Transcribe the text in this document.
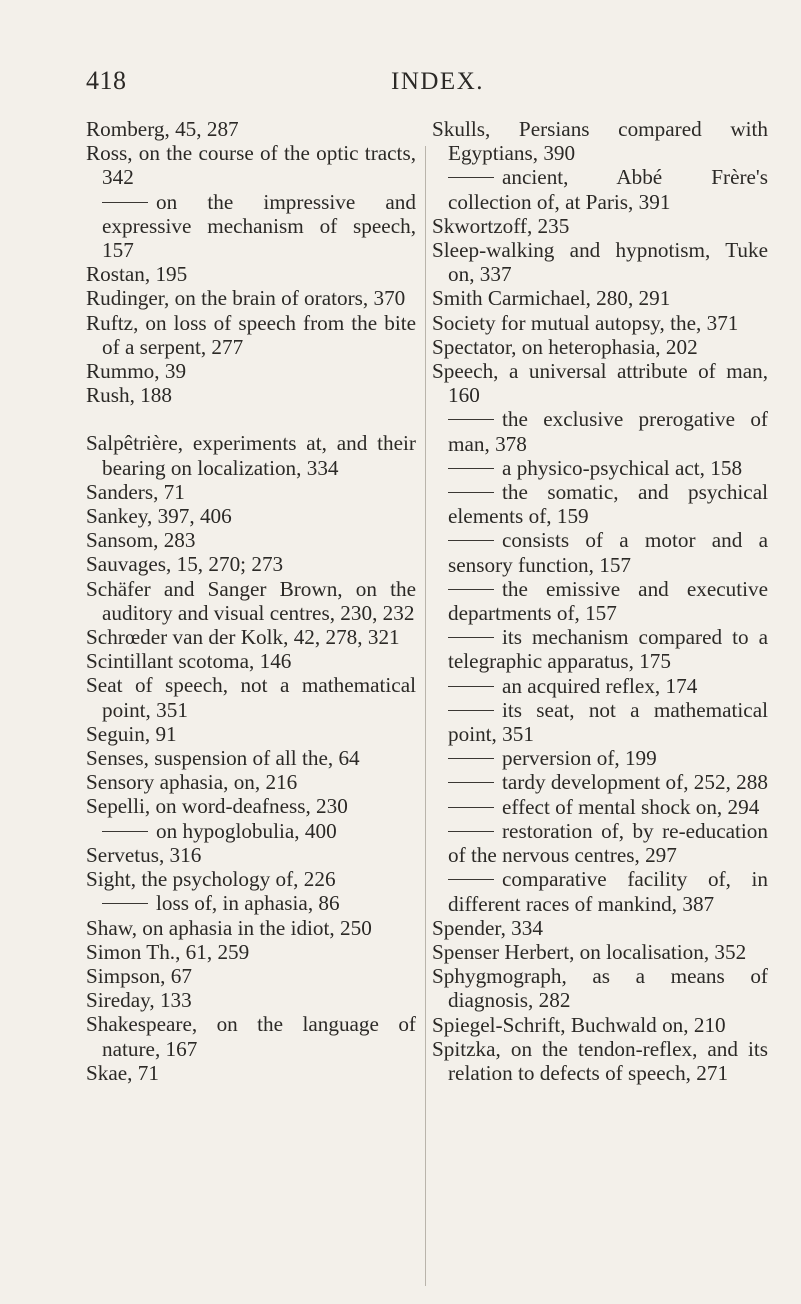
418	INDEX.
Romberg, 45, 287
Ross, on the course of the optic tracts, 342
on the impressive and expressive mechanism of speech, 157
Rostan, 195
Rudinger, on the brain of orators, 370
Ruftz, on loss of speech from the bite of a serpent, 277
Rummo, 39
Rush, 188
Salpêtrière, experiments at, and their bearing on localization, 334
Sanders, 71
Sankey, 397, 406
Sansom, 283
Sauvages, 15, 270; 273
Schäfer and Sanger Brown, on the auditory and visual centres, 230, 232
Schrœder van der Kolk, 42, 278, 321
Scintillant scotoma, 146
Seat of speech, not a mathematical point, 351
Seguin, 91
Senses, suspension of all the, 64
Sensory aphasia, on, 216
Sepelli, on word-deafness, 230
on hypoglobulia, 400
Servetus, 316
Sight, the psychology of, 226
loss of, in aphasia, 86
Shaw, on aphasia in the idiot, 250
Simon Th., 61, 259
Simpson, 67
Sireday, 133
Shakespeare, on the language of nature, 167
Skae, 71
Skulls, Persians compared with Egyptians, 390
ancient, Abbé Frère's collection of, at Paris, 391
Skwortzoff, 235
Sleep-walking and hypnotism, Tuke on, 337
Smith Carmichael, 280, 291
Society for mutual autopsy, the, 371
Spectator, on heterophasia, 202
Speech, a universal attribute of man, 160
the exclusive prerogative of man, 378
a physico-psychical act, 158
the somatic, and psychical elements of, 159
consists of a motor and a sensory function, 157
the emissive and executive departments of, 157
its mechanism compared to a telegraphic apparatus, 175
an acquired reflex, 174
its seat, not a mathematical point, 351
perversion of, 199
tardy development of, 252, 288
effect of mental shock on, 294
restoration of, by re-education of the nervous centres, 297
comparative facility of, in different races of mankind, 387
Spender, 334
Spenser Herbert, on localisation, 352
Sphygmograph, as a means of diagnosis, 282
Spiegel-Schrift, Buchwald on, 210
Spitzka, on the tendon-reflex, and its relation to defects of speech, 271
